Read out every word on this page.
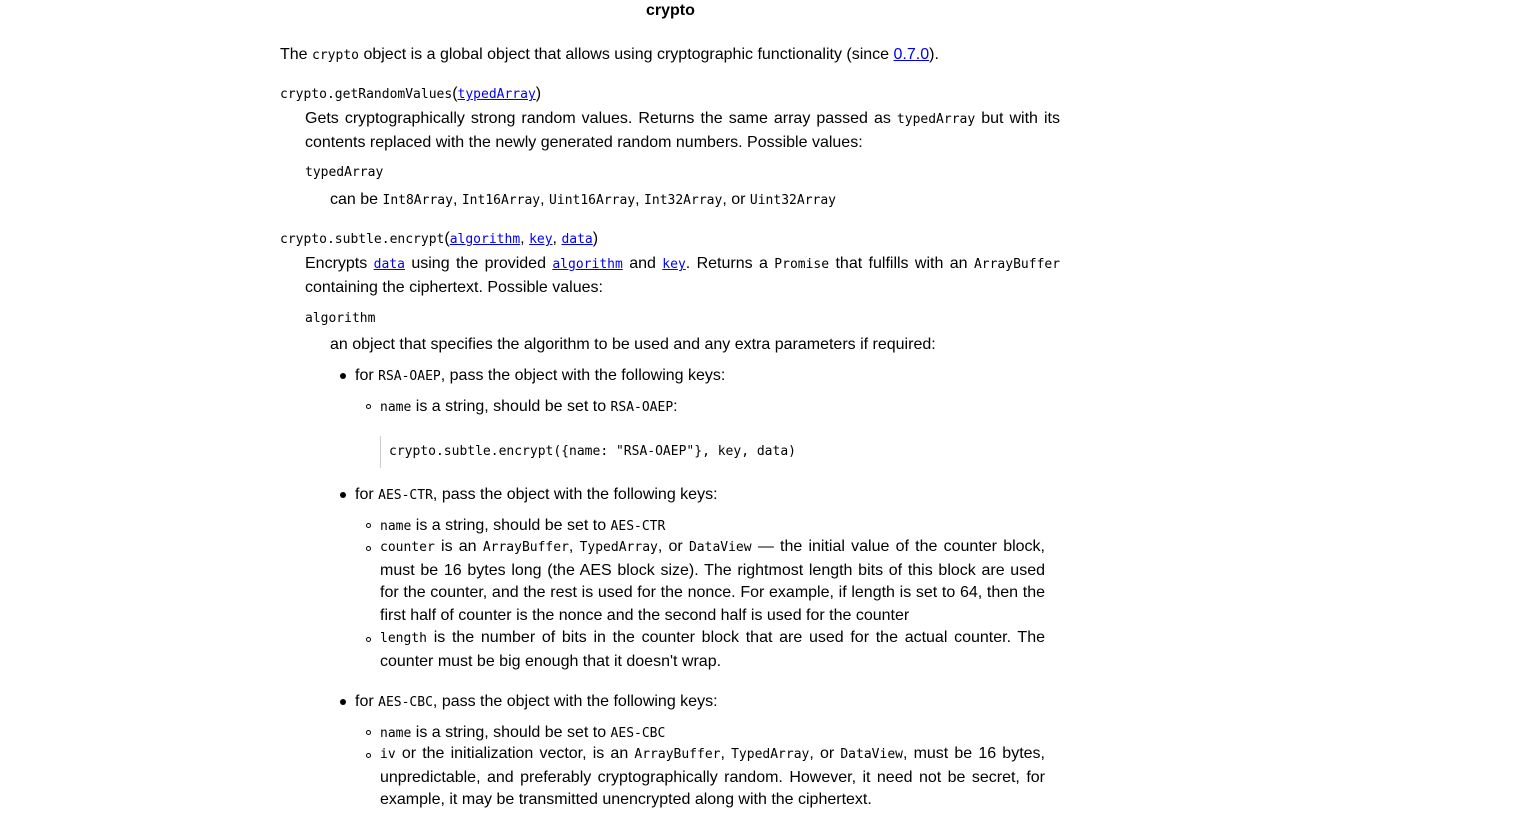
crypto
The crypto object is a global object that allows using cryptographic functionality (since 0.7.0).
crypto.getRandomValues(typedArray)
Gets cryptographically strong random values. Returns the same array passed as typedArray but with its contents replaced with the newly generated random numbers. Possible values:
typedArray
can be Int8Array, Int16Array, Uint16Array, Int32Array, or Uint32Array
crypto.subtle.encrypt(algorithm, key, data)
Encrypts data using the provided algorithm and key. Returns a Promise that fulfills with an ArrayBuffer containing the ciphertext. Possible values:
algorithm
an object that specifies the algorithm to be used and any extra parameters if required:
for RSA-OAEP, pass the object with the following keys:
name is a string, should be set to RSA-OAEP:
crypto.subtle.encrypt({name: "RSA-OAEP"}, key, data)
for AES-CTR, pass the object with the following keys:
name is a string, should be set to AES-CTR
counter is an ArrayBuffer, TypedArray, or DataView — the initial value of the counter block, must be 16 bytes long (the AES block size). The rightmost length bits of this block are used for the counter, and the rest is used for the nonce. For example, if length is set to 64, then the first half of counter is the nonce and the second half is used for the counter
length is the number of bits in the counter block that are used for the actual counter. The counter must be big enough that it doesn't wrap.
for AES-CBC, pass the object with the following keys:
name is a string, should be set to AES-CBC
iv or the initialization vector, is an ArrayBuffer, TypedArray, or DataView, must be 16 bytes, unpredictable, and preferably cryptographically random. However, it need not be secret, for example, it may be transmitted unencrypted along with the ciphertext.
